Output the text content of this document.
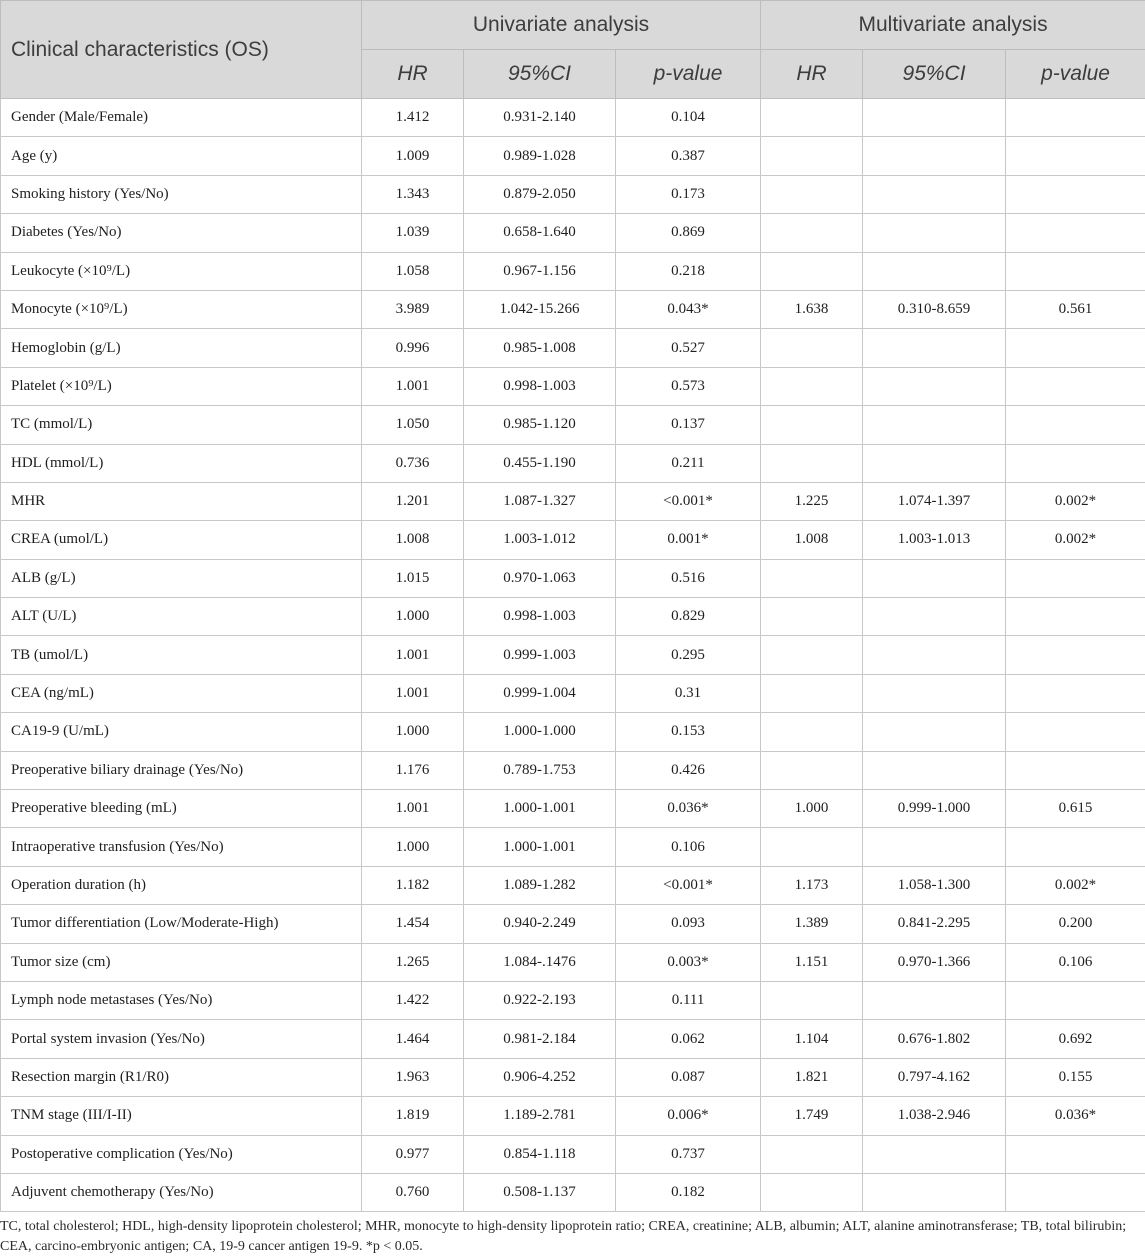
Clinical characteristics (OS)	Univariate analysis			Multivariate analysis		
	HR	95%CI	p-value	HR	95%CI	p-value
Gender (Male/Female)	1.412	0.931-2.140	0.104			
Age (y)	1.009	0.989-1.028	0.387			
Smoking history (Yes/No)	1.343	0.879-2.050	0.173			
Diabetes (Yes/No)	1.039	0.658-1.640	0.869			
Leukocyte (×10⁹/L)	1.058	0.967-1.156	0.218			
Monocyte (×10⁹/L)	3.989	1.042-15.266	0.043*	1.638	0.310-8.659	0.561
Hemoglobin (g/L)	0.996	0.985-1.008	0.527			
Platelet (×10⁹/L)	1.001	0.998-1.003	0.573			
TC (mmol/L)	1.050	0.985-1.120	0.137			
HDL (mmol/L)	0.736	0.455-1.190	0.211			
MHR	1.201	1.087-1.327	<0.001*	1.225	1.074-1.397	0.002*
CREA (umol/L)	1.008	1.003-1.012	0.001*	1.008	1.003-1.013	0.002*
ALB (g/L)	1.015	0.970-1.063	0.516			
ALT (U/L)	1.000	0.998-1.003	0.829			
TB (umol/L)	1.001	0.999-1.003	0.295			
CEA (ng/mL)	1.001	0.999-1.004	0.31			
CA19-9 (U/mL)	1.000	1.000-1.000	0.153			
Preoperative biliary drainage (Yes/No)	1.176	0.789-1.753	0.426			
Preoperative bleeding (mL)	1.001	1.000-1.001	0.036*	1.000	0.999-1.000	0.615
Intraoperative transfusion (Yes/No)	1.000	1.000-1.001	0.106			
Operation duration (h)	1.182	1.089-1.282	<0.001*	1.173	1.058-1.300	0.002*
Tumor differentiation (Low/Moderate-High)	1.454	0.940-2.249	0.093	1.389	0.841-2.295	0.200
Tumor size (cm)	1.265	1.084-.1476	0.003*	1.151	0.970-1.366	0.106
Lymph node metastases (Yes/No)	1.422	0.922-2.193	0.111			
Portal system invasion (Yes/No)	1.464	0.981-2.184	0.062	1.104	0.676-1.802	0.692
Resection margin (R1/R0)	1.963	0.906-4.252	0.087	1.821	0.797-4.162	0.155
TNM stage (III/I-II)	1.819	1.189-2.781	0.006*	1.749	1.038-2.946	0.036*
Postoperative complication (Yes/No)	0.977	0.854-1.118	0.737			
Adjuvent chemotherapy (Yes/No)	0.760	0.508-1.137	0.182			
TC, total cholesterol; HDL, high-density lipoprotein cholesterol; MHR, monocyte to high-density lipoprotein ratio; CREA, creatinine; ALB, albumin; ALT, alanine aminotransferase; TB, total bilirubin; CEA, carcino-embryonic antigen; CA, 19-9 cancer antigen 19-9. *p < 0.05.
